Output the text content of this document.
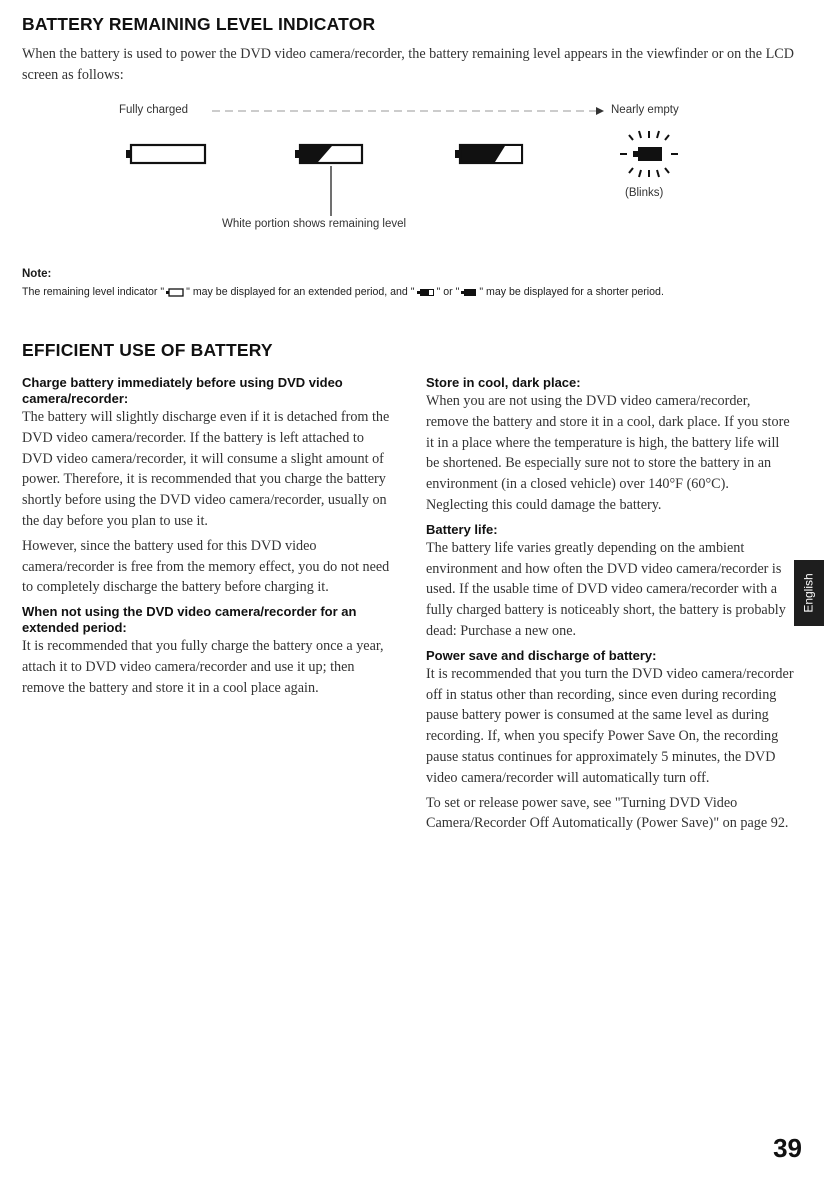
BATTERY REMAINING LEVEL INDICATOR
When the battery is used to power the DVD video camera/recorder, the battery remaining level appears in the viewfinder or on the LCD screen as follows:
Fully charged	Nearly empty
(Blinks)
White portion shows remaining level
Note:
The remaining level indicator " " may be displayed for an extended period, and " " or " " may be displayed for a shorter period.
EFFICIENT USE OF BATTERY
Charge battery immediately before using DVD video camera/recorder:

The battery will slightly discharge even if it is detached from the DVD video camera/recorder. If the battery is left attached to DVD video camera/recorder, it will consume a slight amount of power. Therefore, it is recommended that you charge the battery shortly before using the DVD video camera/recorder, usually on the day before you plan to use it.

However, since the battery used for this DVD video camera/recorder is free from the memory effect, you do not need to completely discharge the battery before charging it.

When not using the DVD video camera/recorder for an extended period:

It is recommended that you fully charge the battery once a year, attach it to DVD video camera/recorder and use it up; then remove the battery and store it in a cool place again.

Store in cool, dark place:

When you are not using the DVD video camera/recorder, remove the battery and store it in a cool, dark place. If you store it in a place where the temperature is high, the battery life will be shortened. Be especially sure not to store the battery in an environment (in a closed vehicle) over 140°F (60°C). Neglecting this could damage the battery.

Battery life:

The battery life varies greatly depending on the ambient environment and how often the DVD video camera/recorder is used. If the usable time of DVD video camera/recorder with a fully charged battery is noticeably short, the battery is probably dead: Purchase a new one.

Power save and discharge of battery:

It is recommended that you turn the DVD video camera/recorder off in status other than recording, since even during recording pause battery power is consumed at the same level as during recording. If, when you specify Power Save On, the recording pause status continues for approximately 5 minutes, the DVD video camera/recorder will automatically turn off.

To set or release power save, see "Turning DVD Video Camera/Recorder Off Automatically (Power Save)" on page 92.

English
39
